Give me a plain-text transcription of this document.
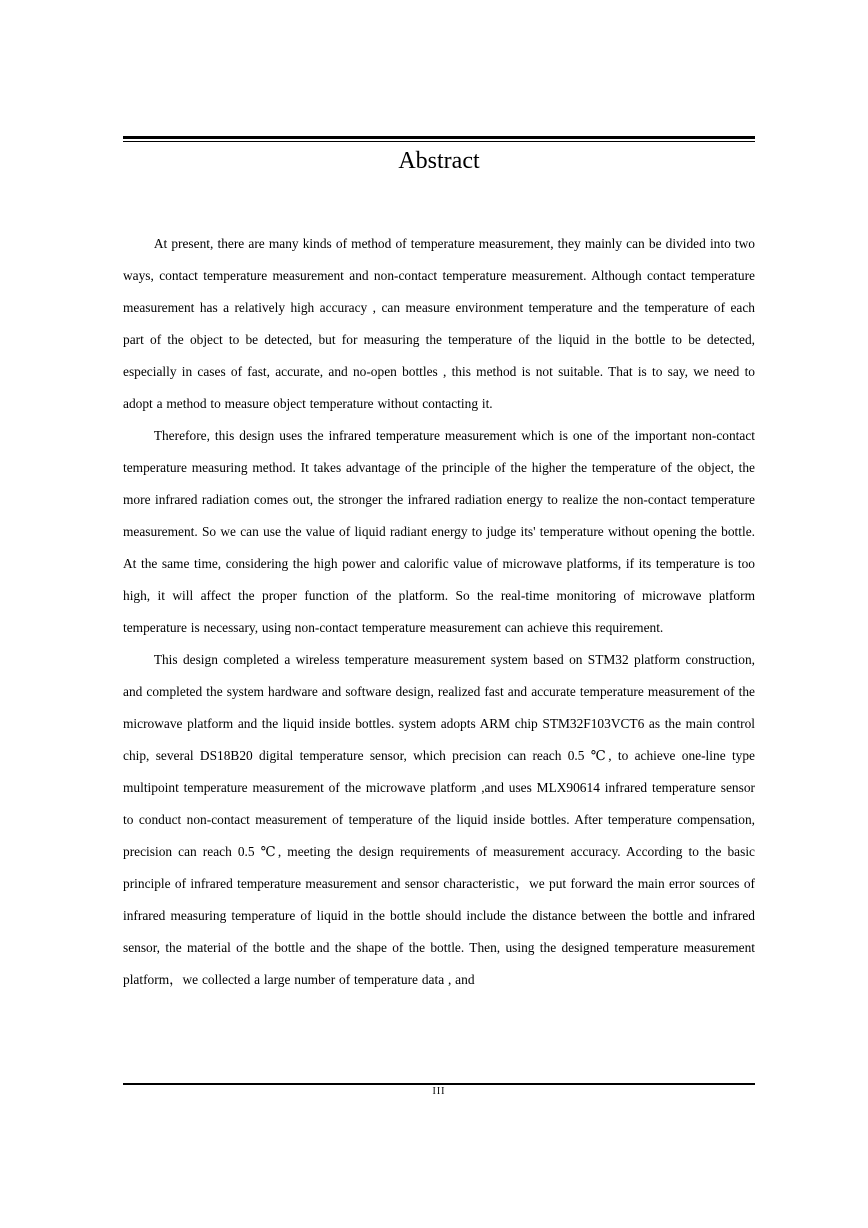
Abstract

At present, there are many kinds of method of temperature measurement, they mainly can be divided into two ways, contact temperature measurement and non-contact temperature measurement. Although contact temperature measurement has a relatively high accuracy , can measure environment temperature and the temperature of each part of the object to be detected, but for measuring the temperature of the liquid in the bottle to be detected, especially in cases of fast, accurate, and no-open bottles , this method is not suitable. That is to say, we need to adopt a method to measure object temperature without contacting it.

Therefore, this design uses the infrared temperature measurement which is one of the important non-contact temperature measuring method. It takes advantage of the principle of the higher the temperature of the object, the more infrared radiation comes out, the stronger the infrared radiation energy to realize the non-contact temperature measurement. So we can use the value of liquid radiant energy to judge its' temperature without opening the bottle. At the same time, considering the high power and calorific value of microwave platforms, if its temperature is too high, it will affect the proper function of the platform. So the real-time monitoring of microwave platform temperature is necessary, using non-contact temperature measurement can achieve this requirement.

This design completed a wireless temperature measurement system based on STM32 platform construction, and completed the system hardware and software design, realized fast and accurate temperature measurement of the microwave platform and the liquid inside bottles. system adopts ARM chip STM32F103VCT6 as the main control chip, several DS18B20 digital temperature sensor, which precision can reach 0.5 ℃, to achieve one-line type multipoint temperature measurement of the microwave platform ,and uses MLX90614 infrared temperature sensor to conduct non-contact measurement of temperature of the liquid inside bottles. After temperature compensation, precision can reach 0.5 ℃, meeting the design requirements of measurement accuracy. According to the basic principle of infrared temperature measurement and sensor characteristic，we put forward the main error sources of infrared measuring temperature of liquid in the bottle should include the distance between the bottle and infrared sensor, the material of the bottle and the shape of the bottle. Then, using the designed temperature measurement platform，we collected a large number of temperature data , and

III
